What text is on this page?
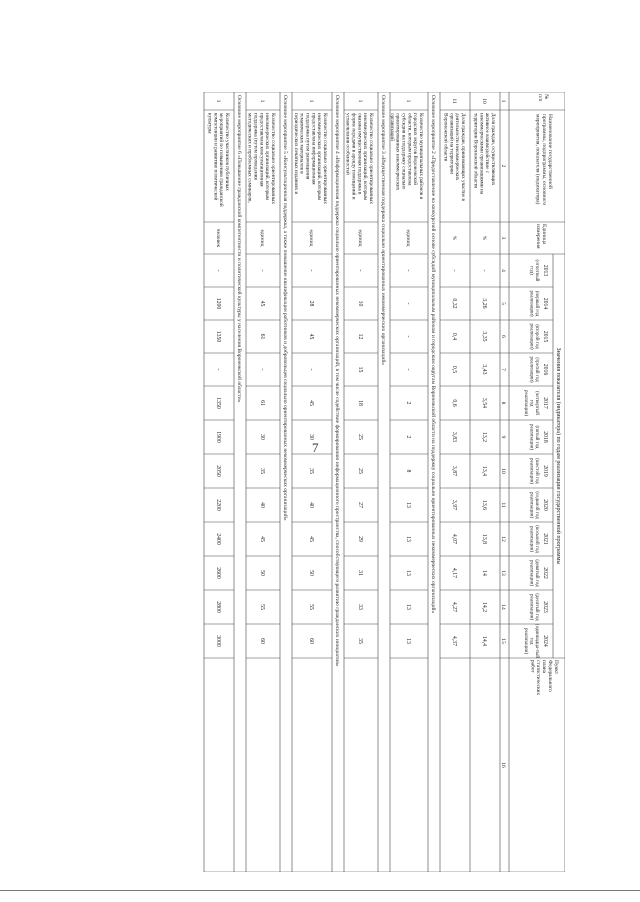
7
№п/п
Наименование государственнойпрограммы, подпрограммы, основногомероприятия, показателя (индикатора)
Единицаизмерения
Значения показателя (индикатора) по годам реализации государственной программы
ПунктФедеральногопланастатистическихработ
2013
(отчетныйгод)
2014
(первый годреализации)
2015
(второй годреализации)
2016
(третий годреализации)
2017
(четвертыйгодреализации)
2018
(пятый годреализации)
2019
(шестой годреализации)
2020
(седьмой годреализации)
2021
(восьмой годреализации)
2022
(девятый годреализации)
2023
(десятый годреализации)
2024
(одиннадца-тыйгодреализации)
1
2
3
4
5
6
7
8
9
10
11
12
13
14
15
16
10
Доля граждан, осуществляющихактивное взаимодействие снекоммерческими организациями натерритории Воронежской области
%
-
3,26
3,35
3,43
3,54
13,2
13,4
13,6
13,8
14
14,2
14,4
11
Доля граждан, принимающих участие вдеятельности некоммерческихорганизаций на территорииВоронежской области
%
-
0,32
0,4
0,5
0,6
3,83
3,87
3,97
4,07
4,17
4,27
4,37
Основное мероприятие 2 «Предоставление на конкурсной основе субсидий муниципальным районам и городским округам Воронежской области на поддержку социально ориентированных некоммерческих организаций»
1
Количество муниципальных районов игородских округов Воронежскойобласти, которым предоставленасубсидия на поддержку социальноориентированных некоммерческихорганизаций
единиц
-
-
-
-
2
2
8
13
13
13
13
13
Основное мероприятие 3 «Имущественная поддержка социально ориентированных некоммерческих организаций»
1
Количество социально ориентированныхнекоммерческих организаций, которымоказана имущественная поддержка вформе передачи в аренду помещений иустановления особенностей
единиц
-
10
12
15
18
25
25
27
29
31
33
35
Основное мероприятие 4 «Информационная поддержка социально ориентированных некоммерческих организаций, в том числе содействие формированию информационного пространства, способствующего развитию гражданских инициатив»
1
Количество социально ориентированныхнекоммерческих организаций, которымпредоставлена информационнаяподдержка путем размещениятематических материалов впериодических печатных изданиях и
единиц
-
28
45
-
45
30
35
40
45
50
55
60
Основное мероприятие 5 «Консультационная поддержка, а также повышение квалификации работников и добровольцев социально ориентированных некоммерческих организаций»
1
Количество социально ориентированныхнекоммерческих организаций, которымпредоставлена консультационнаяподдержка (путем проведенияметодических и проблемных семинаров,
единиц
-
45
61
-
61
30
35
40
45
50
55
60
Основное мероприятие 6 «Повышение гражданской компетентности и политической культуры у населения Воронежской области»
1
Количество участников публичныхмероприятий по повышению гражданскойкомпетенции и развитию политическойкультуры
человек
-
1200
1350
-
1350
1900
2050
2200
2400
2600
2800
3000
